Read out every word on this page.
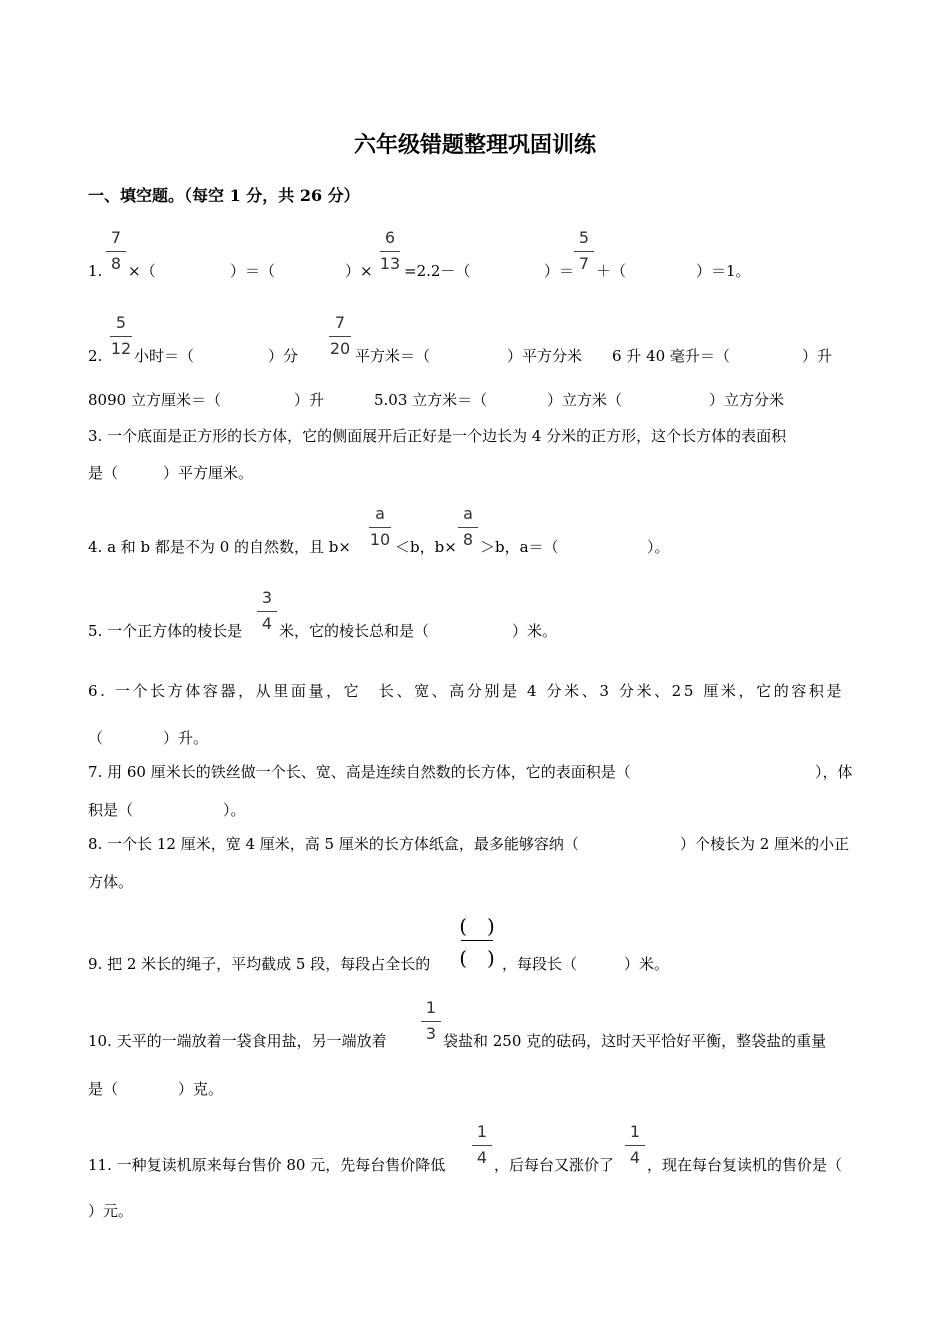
六年级错题整理巩固训练
一、填空题。（每空 1 分，共 26 分）
1.
7
8 ×（	）＝（	）×
6
13 =2.2－（	）＝
5
7 ＋（	）＝1。
2.
5
12 小时＝（	）分
7
20 平方米＝（	）平方分米 6 升 40 毫升＝（	）升
8090 立方厘米＝（	）升	5.03 立方米＝（	）立方米（	）立方分米
3. 一个底面是正方形的长方体，它的侧面展开后正好是一个边长为 4 分米的正方形，这个长方体的表面积
是（　　　）平方厘米。
4. a 和 b 都是不为 0 的自然数，且 b×
a
10 ＜b，b×
a
8 ＞b，a＝（	）。
5. 一个正方体的棱长是
3
4 米，它的棱长总和是（	）米。
6. 一个长方体容器，从里面量，它　长、宽、高分别是 4 分米、3 分米、25 厘米，它的容积是
（　　　　）升。
7. 用 60 厘米长的铁丝做一个长、宽、高是连续自然数的长方体，它的表面积是（	），体
积是（　　　　　　）。
8. 一个长 12 厘米，宽 4 厘米，高 5 厘米的长方体纸盒，最多能够容纳（	）个棱长为 2 厘米的小正
方体。
9. 把 2 米长的绳子，平均截成 5 段，每段占全长的
(　)
(　) ，每段长（	）米。
10. 天平的一端放着一袋食用盐，另一端放着
1
3 袋盐和 250 克的砝码，这时天平恰好平衡，整袋盐的重量
是（　　　　）克。
11. 一种复读机原来每台售价 80 元，先每台售价降低
1
4 ，后每台又涨价了
1
4 ，现在每台复读机的售价是（
）元。
